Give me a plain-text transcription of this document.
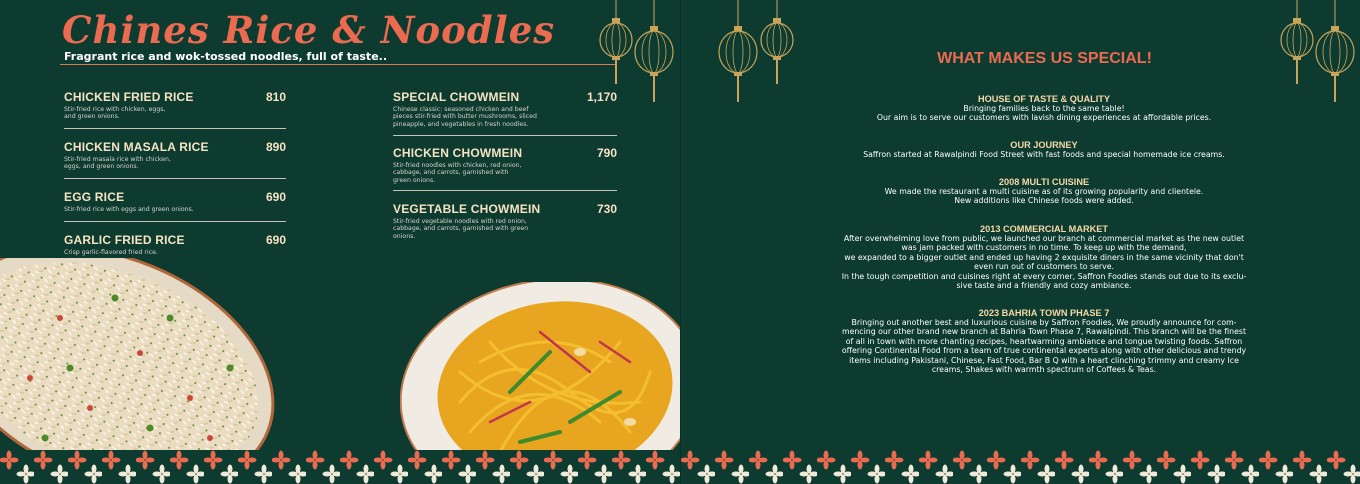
Chines Rice & Noodles
Fragrant rice and wok-tossed noodles, full of taste..
CHICKEN FRIED RICE	810
Stir-fried rice with chicken, eggs, and green onions.
CHICKEN MASALA RICE	890
Stir-fried masala rice with chicken, eggs, and green onions.
EGG RICE	690
Stir-fried rice with eggs and green onions.
GARLIC FRIED RICE	690
Crisp garlic-flavored fried rice.
SPECIAL CHOWMEIN	1,170
Chinese classic: seasoned chicken and beef pieces stir-fried with butter mushrooms, sliced pineapple, and vegetables in fresh noodles.
CHICKEN CHOWMEIN	790
Stir-fried noodles with chicken, red onion, cabbage, and carrots, garnished with green onions.
VEGETABLE CHOWMEIN	730
Stir-fried vegetable noodles with red onion, cabbage, and carrots, garnished with green onions.
WHAT MAKES US SPECIAL!
HOUSE OF TASTE & QUALITY

Bringing families back to the same table!

Our aim is to serve our customers with lavish dining experiences at affordable prices.

OUR JOURNEY

Saffron started at Rawalpindi Food Street with fast foods and special homemade ice creams.

2008 MULTI CUISINE

We made the restaurant a multi cuisine as of its growing popularity and clientele.

New additions like Chinese foods were added.

2013 COMMERCIAL MARKET

After overwhelming love from public, we launched our branch at commercial market as the new outlet

was jam packed with customers in no time. To keep up with the demand,

we expanded to a bigger outlet and ended up having 2 exquisite diners in the same vicinity that don't

even run out of customers to serve.

In the tough competition and cuisines right at every corner, Saffron Foodies stands out due to its exclu-

sive taste and a friendly and cozy ambiance.

2023 BAHRIA TOWN PHASE 7

Bringing out another best and luxurious cuisine by Saffron Foodies, We proudly announce for com-

mencing our other brand new branch at Bahria Town Phase 7, Rawalpindi. This branch will be the finest

of all in town with more chanting recipes, heartwarming ambiance and tongue twisting foods. Saffron

offering Continental Food from a team of true continental experts along with other delicious and trendy

items including Pakistani, Chinese, Fast Food, Bar B Q with a heart clinching trimmy and creamy Ice

creams, Shakes with warmth spectrum of Coffees & Teas.
